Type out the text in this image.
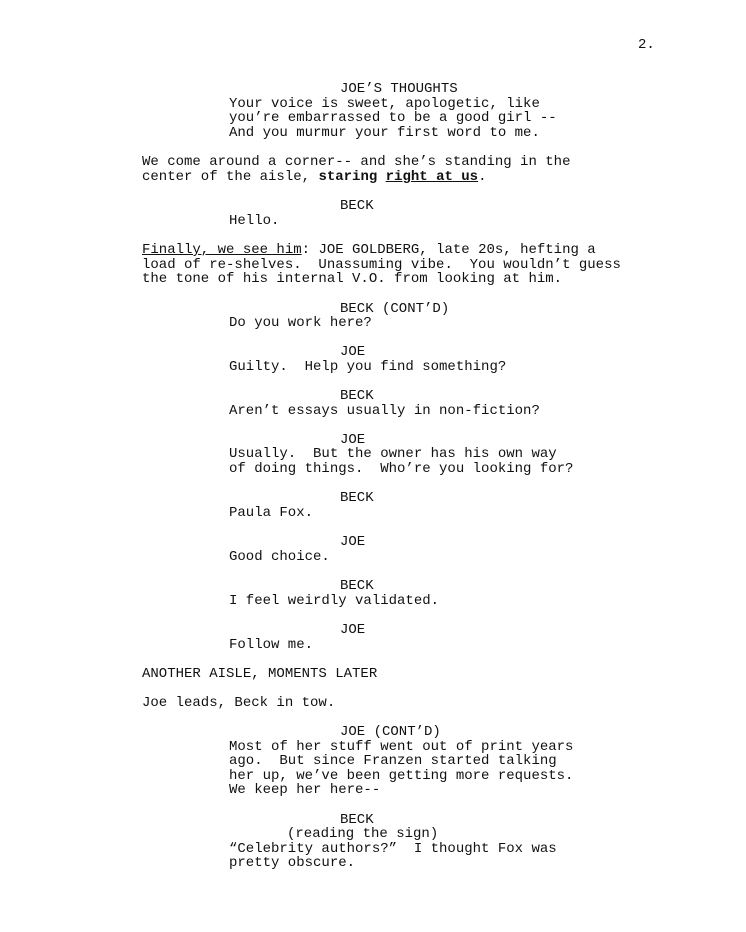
2.
JOE’S THOUGHTS
Your voice is sweet, apologetic, like
you’re embarrassed to be a good girl --
And you murmur your first word to me.
We come around a corner-- and she’s standing in the
center of the aisle, staring right at us.
BECK
Hello.
Finally, we see him: JOE GOLDBERG, late 20s, hefting a
load of re-shelves.  Unassuming vibe.  You wouldn’t guess
the tone of his internal V.O. from looking at him.
BECK (CONT’D)
Do you work here?
JOE
Guilty.  Help you find something?
BECK
Aren’t essays usually in non-fiction?
JOE
Usually.  But the owner has his own way
of doing things.  Who’re you looking for?
BECK
Paula Fox.
JOE
Good choice.
BECK
I feel weirdly validated.
JOE
Follow me.
ANOTHER AISLE, MOMENTS LATER
Joe leads, Beck in tow.
JOE (CONT’D)
Most of her stuff went out of print years
ago.  But since Franzen started talking
her up, we’ve been getting more requests.
We keep her here--
BECK
(reading the sign)
“Celebrity authors?”  I thought Fox was
pretty obscure.
